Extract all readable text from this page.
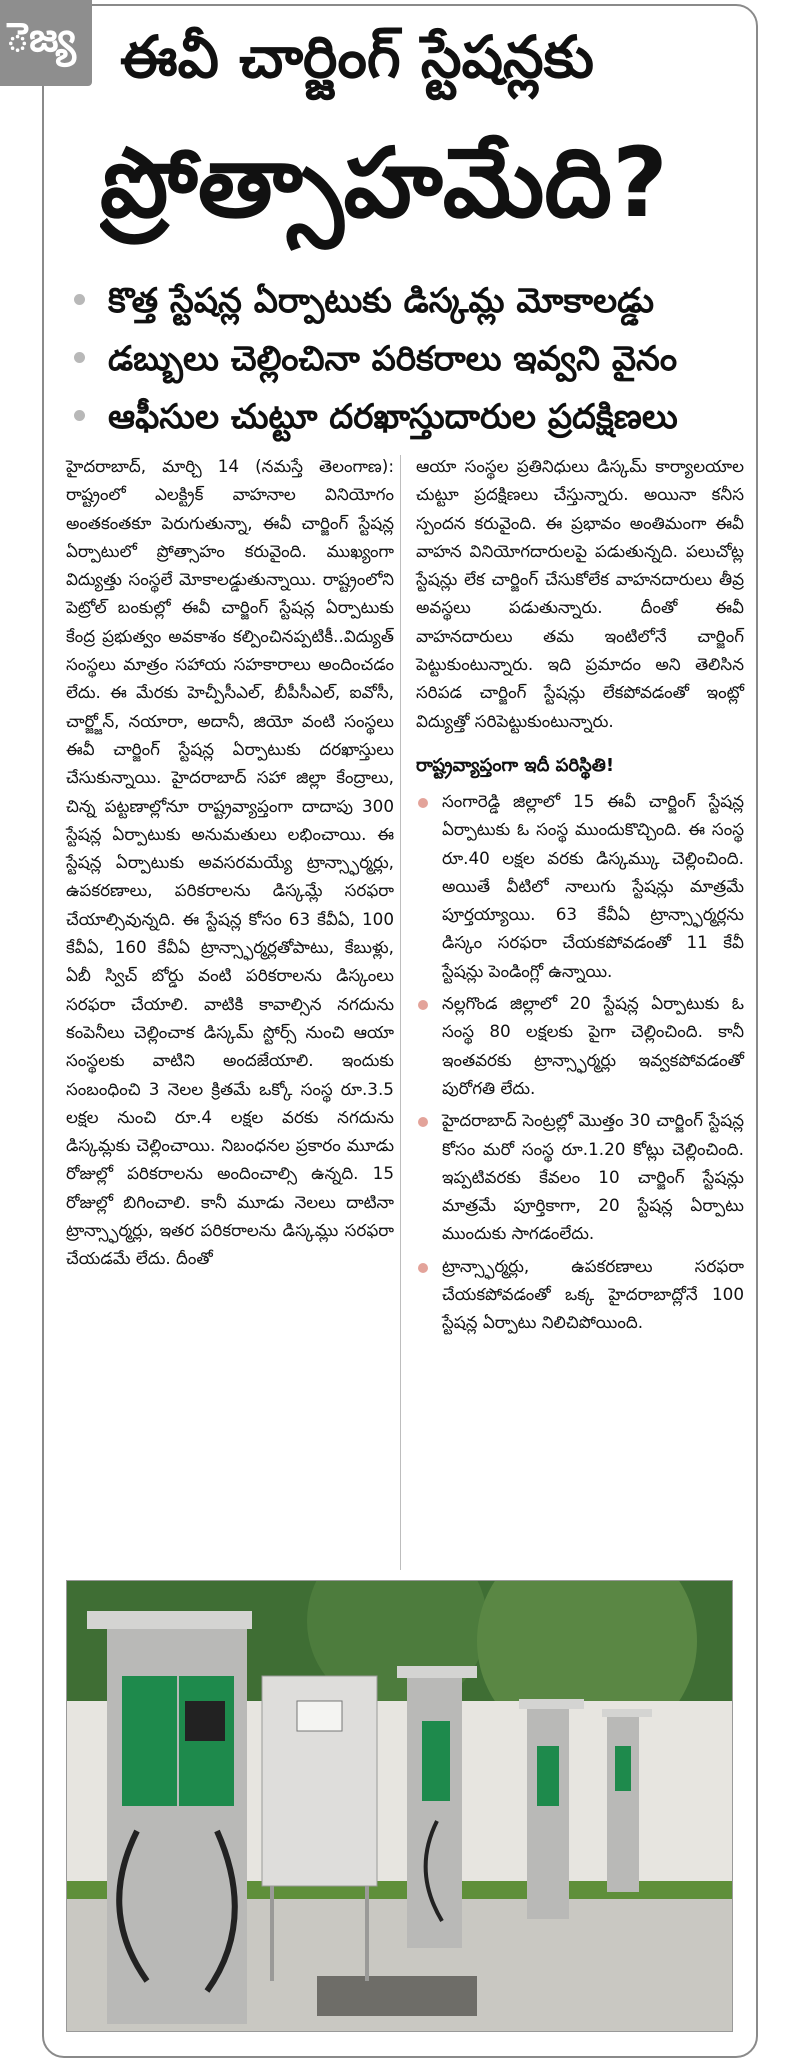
ెజ్య ఈవీ చార్జింగ్ స్టేషన్లకు
ప్రోత్సాహమేది?
కొత్త స్టేషన్ల ఏర్పాటుకు డిస్కమ్ల మోకాలడ్డు
డబ్బులు చెల్లించినా పరికరాలు ఇవ్వని వైనం
ఆఫీసుల చుట్టూ దరఖాస్తుదారుల ప్రదక్షిణలు

హైదరాబాద్, మార్చి 14 (నమస్తే తెలంగాణ): రాష్ట్రంలో ఎలక్ట్రిక్ వాహనాల వినియోగం అంతకంతకూ పెరుగుతున్నా, ఈవీ చార్జింగ్ స్టేషన్ల ఏర్పాటులో ప్రోత్సాహం కరువైంది. ముఖ్యంగా విద్యుత్తు సంస్థలే మోకాలడ్డుతున్నాయి. రాష్ట్రంలోని పెట్రోల్ బంకుల్లో ఈవీ చార్జింగ్ స్టేషన్ల ఏర్పాటుకు కేంద్ర ప్రభుత్వం అవకాశం కల్పించినప్పటికీ..విద్యుత్ సంస్థలు మాత్రం సహాయ సహకారాలు అందించడం లేదు. ఈ మేరకు హెచ్పీసీఎల్, బీపీసీఎల్, ఐవోసీ, చార్జ్జోన్, నయారా, అదానీ, జియో వంటి సంస్థలు ఈవీ చార్జింగ్ స్టేషన్ల ఏర్పాటుకు దరఖాస్తులు చేసుకున్నాయి. హైదరాబాద్ సహా జిల్లా కేంద్రాలు, చిన్న పట్టణాల్లోనూ రాష్ట్రవ్యాప్తంగా దాదాపు 300 స్టేషన్ల ఏర్పాటుకు అనుమతులు లభించాయి. ఈ స్టేషన్ల ఏర్పాటుకు అవసరమయ్యే ట్రాన్స్ఫార్మర్లు, ఉపకరణాలు, పరికరాలను డిస్కమ్లే సరఫరా చేయాల్సివున్నది. ఈ స్టేషన్ల కోసం 63 కేవీఏ, 100 కేవీఏ, 160 కేవీఏ ట్రాన్స్ఫార్మర్లతోపాటు, కేబుళ్లు, ఏబీ స్విచ్ బోర్డు వంటి పరికరాలను డిస్కంలు సరఫరా చేయాలి. వాటికి కావాల్సిన నగదును కంపెనీలు చెల్లించాక డిస్కమ్ స్టోర్స్ నుంచి ఆయా సంస్థలకు వాటిని అందజేయాలి. ఇందుకు సంబంధించి 3 నెలల క్రితమే ఒక్కో సంస్థ రూ.3.5 లక్షల నుంచి రూ.4 లక్షల వరకు నగదును డిస్కమ్లకు చెల్లించాయి. నిబంధనల ప్రకారం మూడు రోజుల్లో పరికరాలను అందించాల్సి ఉన్నది. 15 రోజుల్లో బిగించాలి. కానీ మూడు నెలలు దాటినా ట్రాన్స్ఫార్మర్లు, ఇతర పరికరాలను డిస్కమ్లు సరఫరా చేయడమే లేదు. దీంతో

ఆయా సంస్థల ప్రతినిధులు డిస్కమ్ కార్యాలయాల చుట్టూ ప్రదక్షిణలు చేస్తున్నారు. అయినా కనీస స్పందన కరువైంది. ఈ ప్రభావం అంతిమంగా ఈవీ వాహన వినియోగదారులపై పడుతున్నది. పలుచోట్ల స్టేషన్లు లేక చార్జింగ్ చేసుకోలేక వాహనదారులు తీవ్ర అవస్థలు పడుతున్నారు. దీంతో ఈవీ వాహనదారులు తమ ఇంటిలోనే చార్జింగ్ పెట్టుకుంటున్నారు. ఇది ప్రమాదం అని తెలిసిన సరిపడ చార్జింగ్ స్టేషన్లు లేకపోవడంతో ఇంట్లో విద్యుత్తో సరిపెట్టుకుంటున్నారు.

రాష్ట్రవ్యాప్తంగా ఇదీ పరిస్థితి!
సంగారెడ్డి జిల్లాలో 15 ఈవీ చార్జింగ్ స్టేషన్ల ఏర్పాటుకు ఓ సంస్థ ముందుకొచ్చింది. ఈ సంస్థ రూ.40 లక్షల వరకు డిస్కమ్కు చెల్లించింది. అయితే వీటిలో నాలుగు స్టేషన్లు మాత్రమే పూర్తయ్యాయి. 63 కేవీఏ ట్రాన్స్ఫార్మర్లను డిస్కం సరఫరా చేయకపోవడంతో 11 కేవీ స్టేషన్లు పెండింగ్లో ఉన్నాయి.
నల్లగొండ జిల్లాలో 20 స్టేషన్ల ఏర్పాటుకు ఓ సంస్థ 80 లక్షలకు పైగా చెల్లించింది. కానీ ఇంతవరకు ట్రాన్స్ఫార్మర్లు ఇవ్వకపోవడంతో పురోగతి లేదు.
హైదరాబాద్ సెంట్రల్లో మొత్తం 30 చార్జింగ్ స్టేషన్ల కోసం మరో సంస్థ రూ.1.20 కోట్లు చెల్లించింది. ఇప్పటివరకు కేవలం 10 చార్జింగ్ స్టేషన్లు మాత్రమే పూర్తికాగా, 20 స్టేషన్ల ఏర్పాటు ముందుకు సాగడంలేదు.
ట్రాన్స్ఫార్మర్లు, ఉపకరణాలు సరఫరా చేయకపోవడంతో ఒక్క హైదరాబాద్లోనే 100 స్టేషన్ల ఏర్పాటు నిలిచిపోయింది.
